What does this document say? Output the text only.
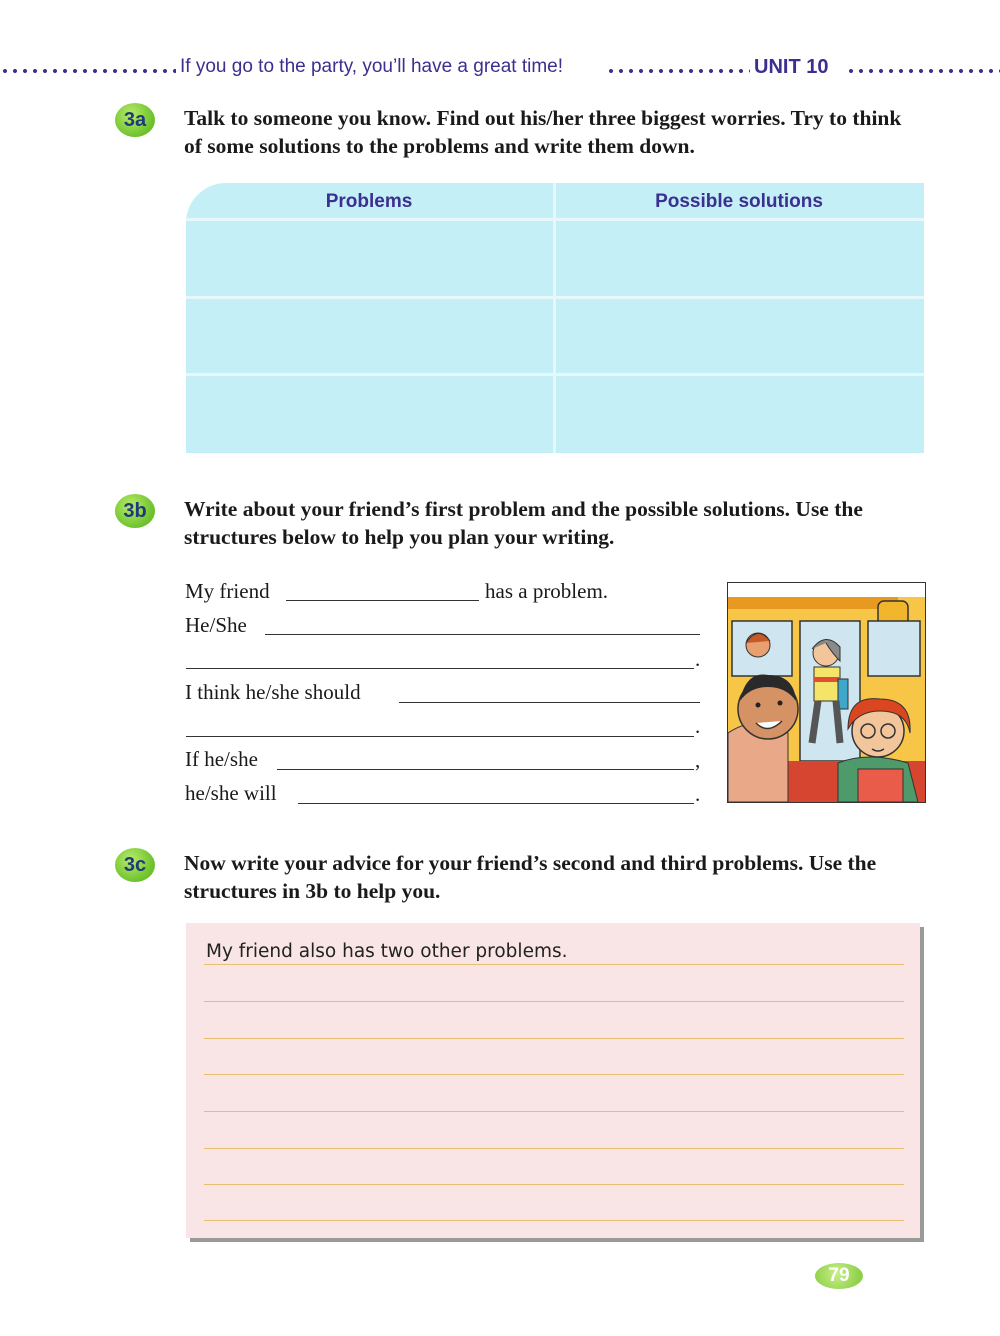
If you go to the party, you’ll have a great time!	UNIT 10
3a	Talk to someone you know. Find out his/her three biggest worries. Try to think of some solutions to the problems and write them down.
Problems	Possible solutions
3b	Write about your friend’s first problem and the possible solutions. Use the structures below to help you plan your writing.
My friend	has a problem.
He/She
.
I think he/she should
.
If he/she	,
he/she will	.
3c	Now write your advice for your friend’s second and third problems. Use the structures in 3b to help you.
My friend also has two other problems.
79
